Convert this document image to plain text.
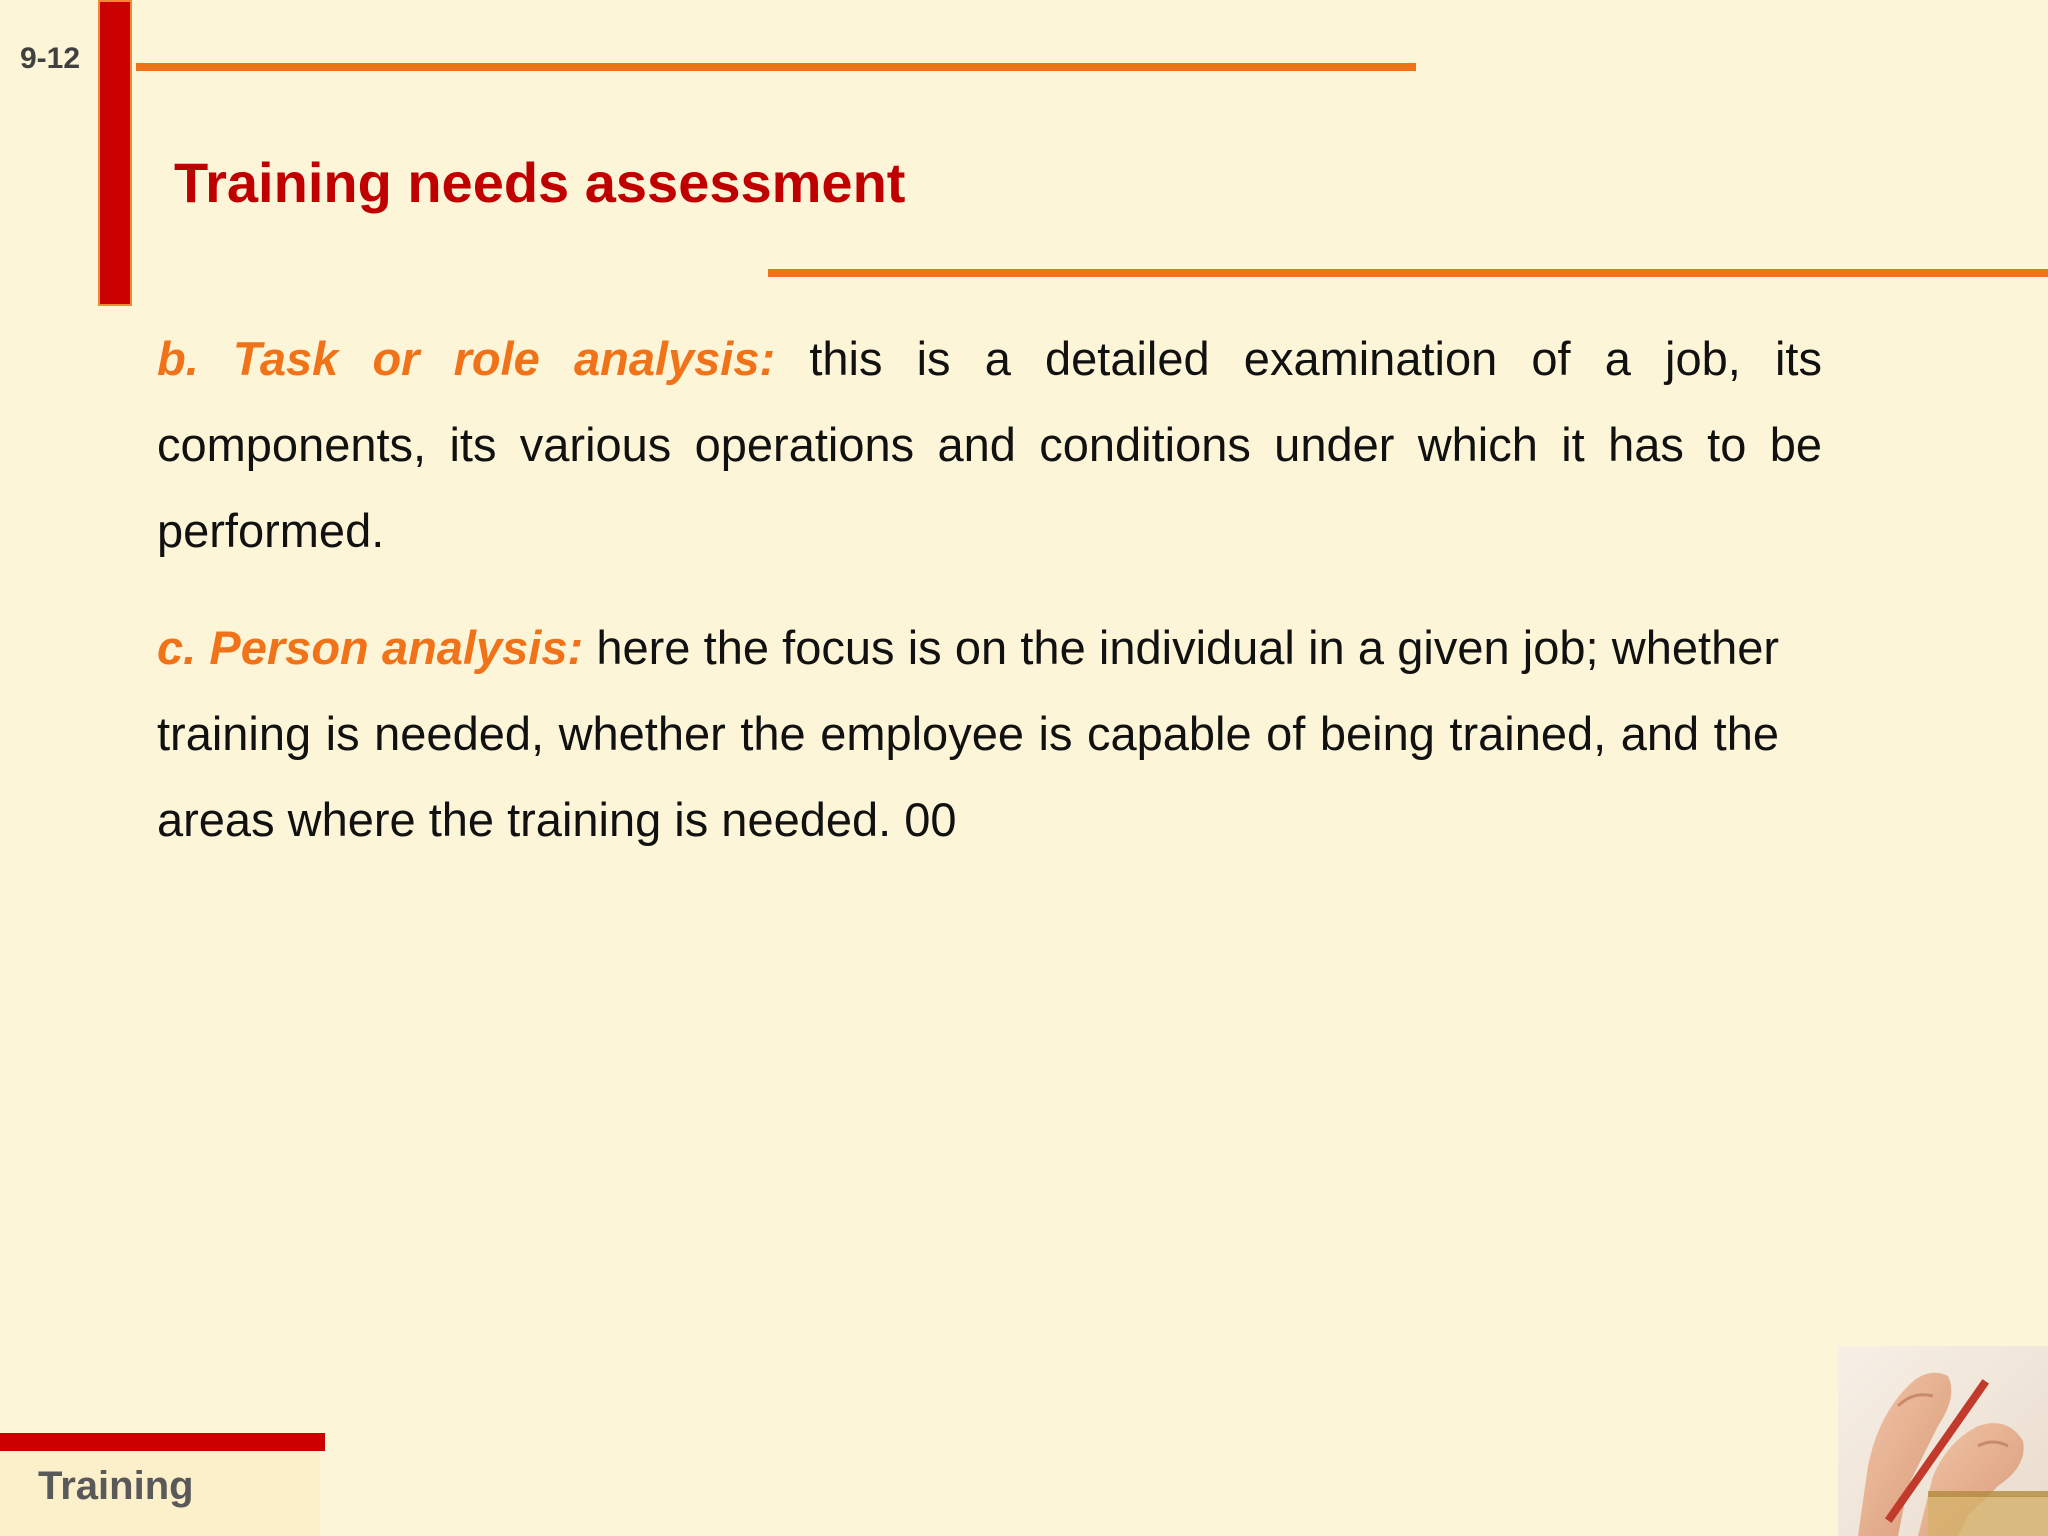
9-12
Training needs assessment
b. Task or role analysis: this is a detailed examination of a job, its components, its various operations and conditions under which it has to be performed.
c. Person analysis: here the focus is on the individual in a given job; whether training is needed, whether the employee is capable of being trained, and the areas where the training is needed. 00
Training
